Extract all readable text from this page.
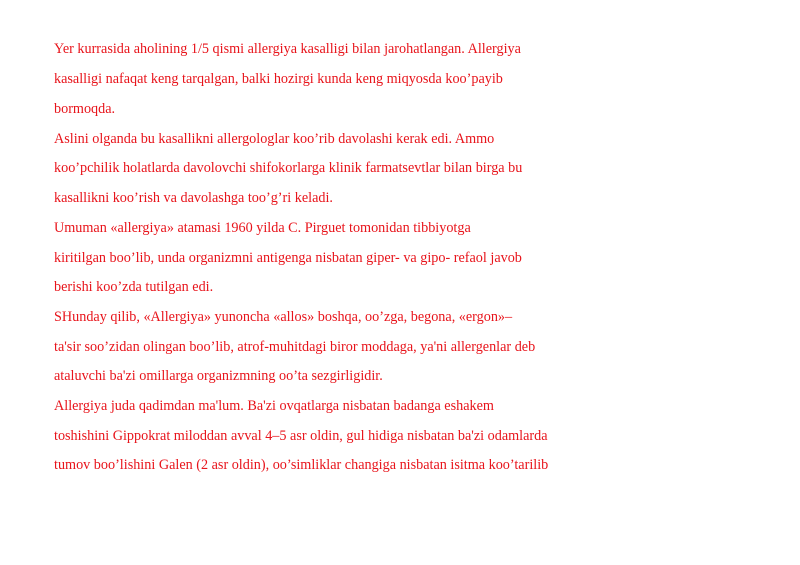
Yer kurrasida aholining 1/5 qismi allergiya kasalligi bilan jarohatlangan. Allergiya
kasalligi nafaqat keng tarqalgan, balki hozirgi kunda keng miqyosda koo’payib
bormoqda.
Aslini olganda bu kasallikni allergologlar koo’rib davolashi kerak edi. Ammo
koo’pchilik holatlarda davolovchi shifokorlarga klinik farmatsevtlar bilan birga bu
kasallikni koo’rish va davolashga too’g’ri keladi.
Umuman «allergiya» atamasi 1960 yilda C. Pirguet tomonidan tibbiyotga
kiritilgan boo’lib, unda organizmni antigenga nisbatan giper- va gipo- refaol javob
berishi koo’zda tutilgan edi.
SHunday qilib, «Allergiya» yunoncha «allos» boshqa, oo’zga, begona, «ergon»–
ta'sir soo’zidan olingan boo’lib, atrof-muhitdagi biror moddaga, ya'ni allergenlar deb
ataluvchi ba'zi omillarga organizmning oo’ta sezgirligidir.
Allergiya juda qadimdan ma'lum. Ba'zi ovqatlarga nisbatan badanga eshakem
toshishini Gippokrat miloddan avval 4–5 asr oldin, gul hidiga nisbatan ba'zi odamlarda
tumov boo’lishini Galen (2 asr oldin), oo’simliklar changiga nisbatan isitma koo’tarilib
